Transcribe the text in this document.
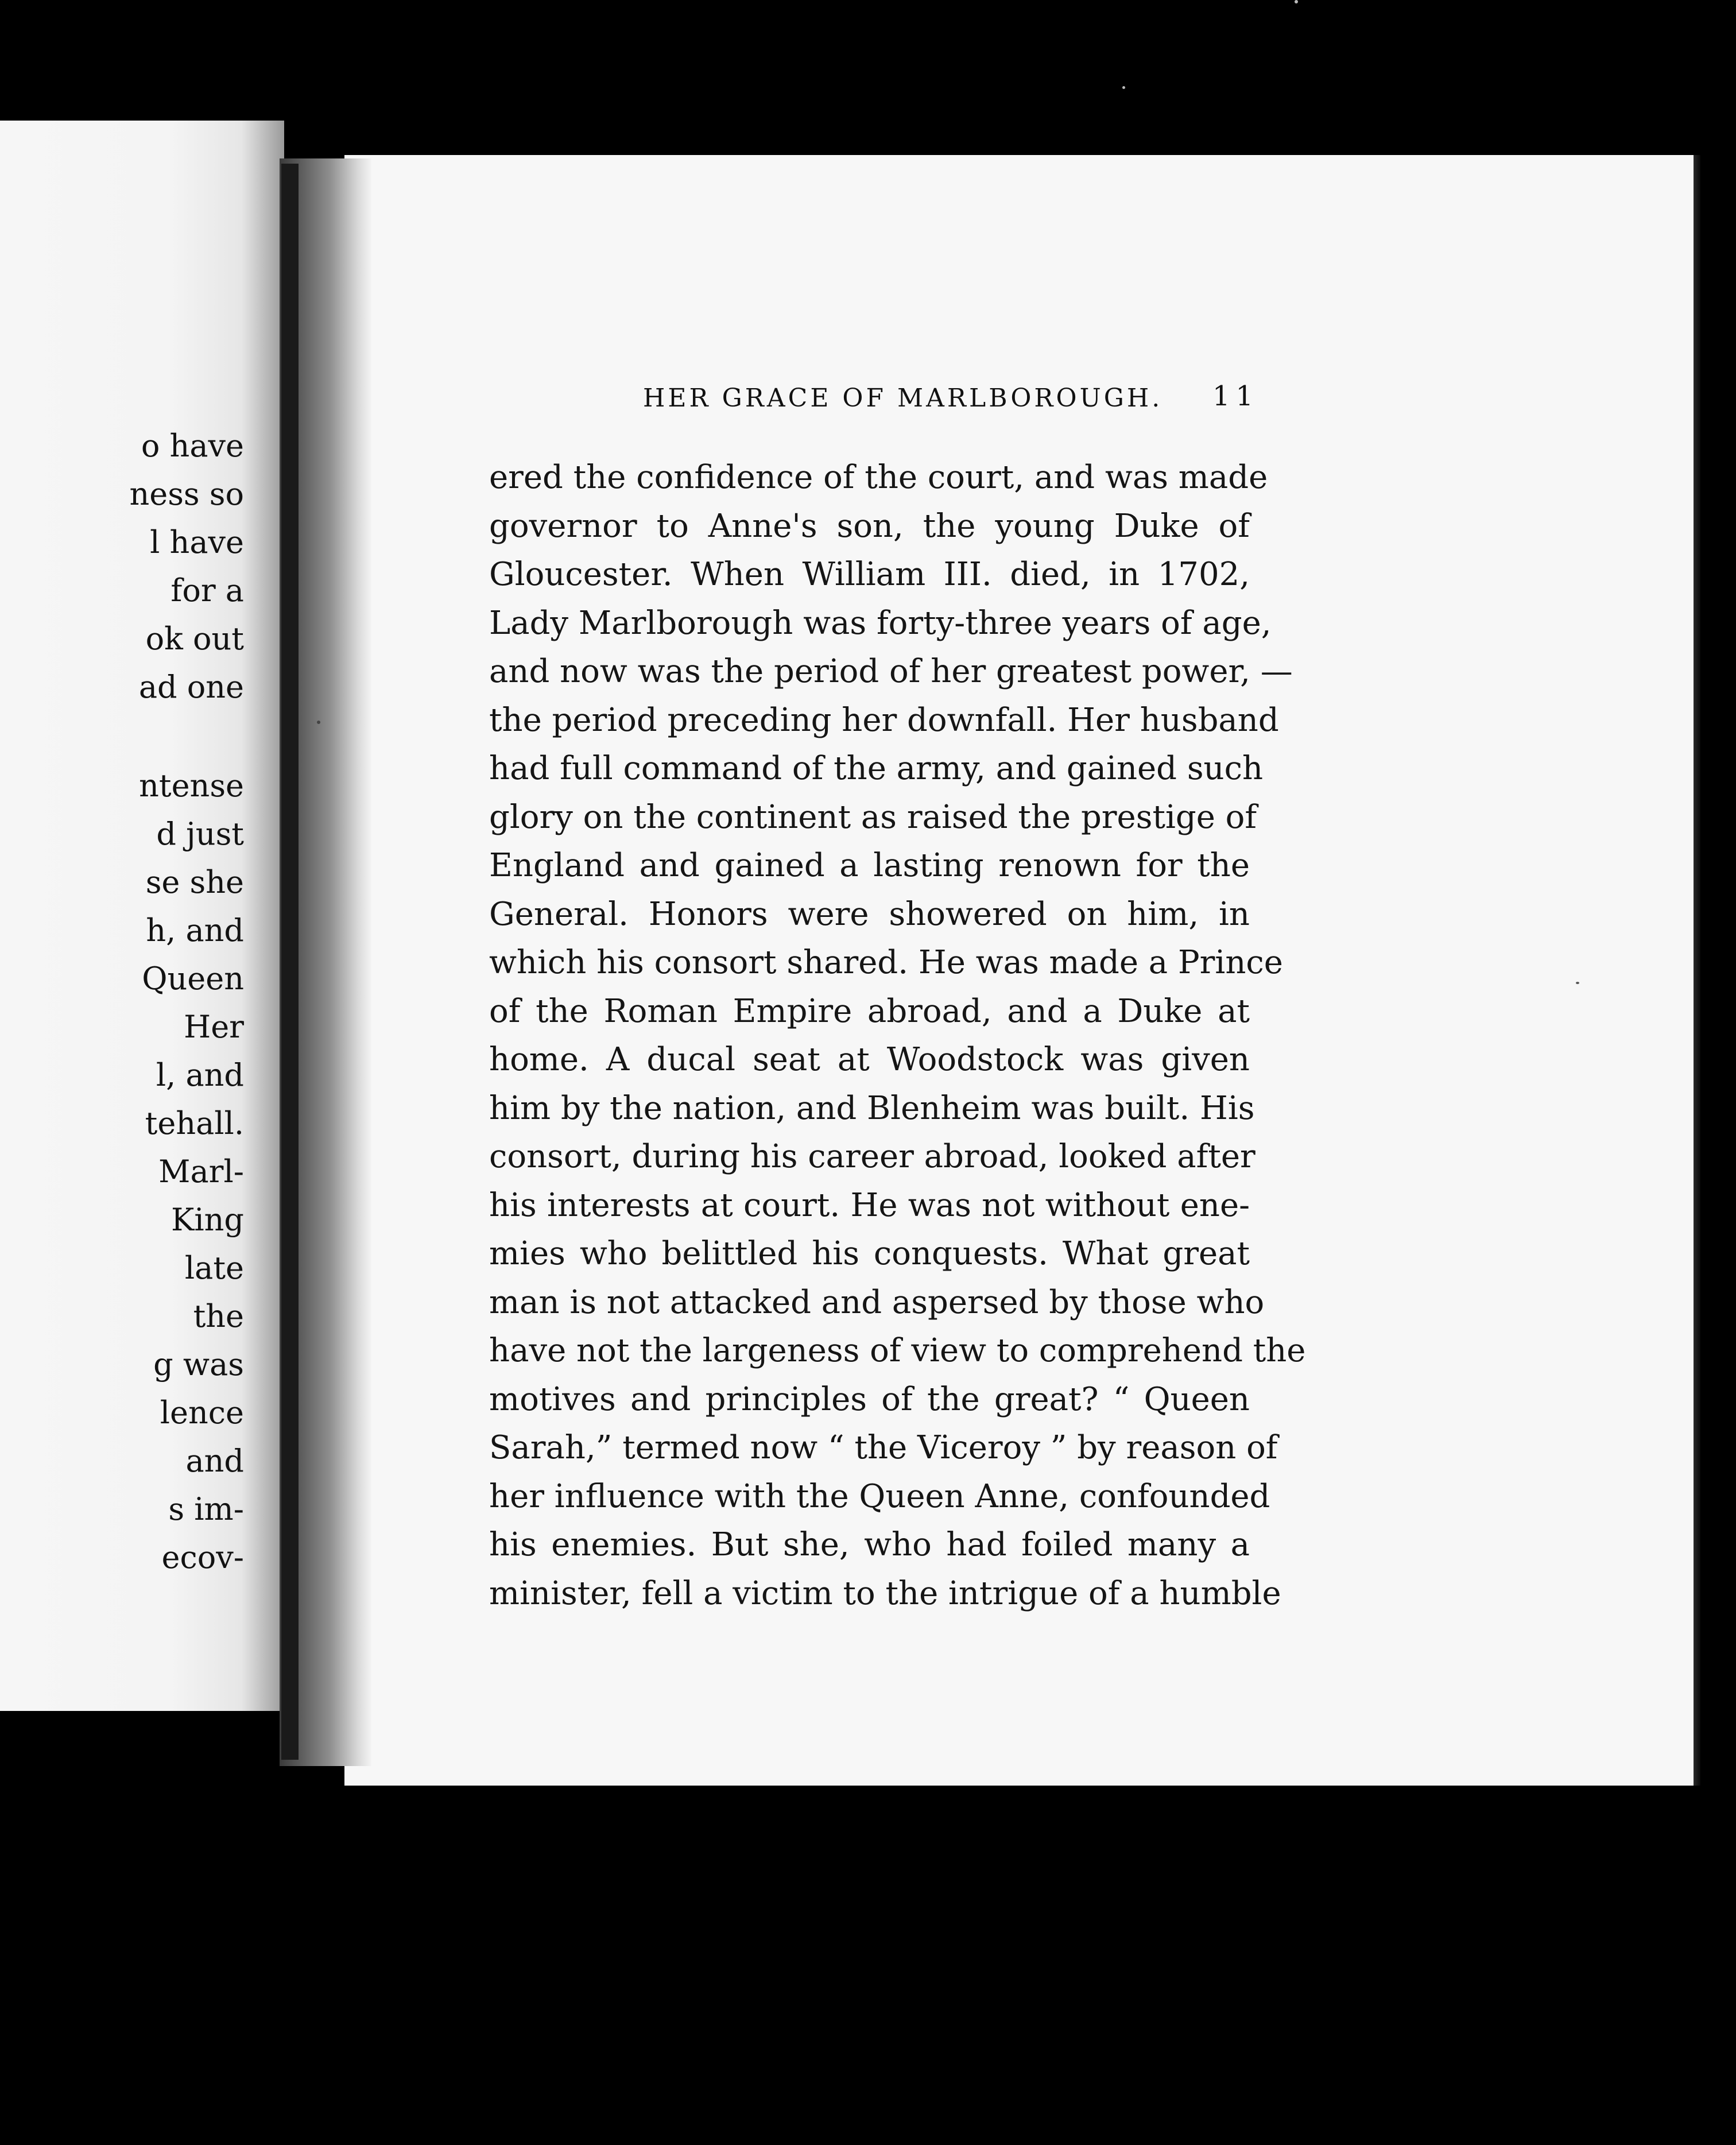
o have
ness so
l have
for a
ok out
ad one
ntense
d just
se she
h, and
Queen
Her
l, and
tehall.
Marl-
King
late
the
g was
lence
and
s im-
ecov-
HER GRACE OF MARLBOROUGH. 11
ered the confidence of the court, and was made
governor to Anne's son, the young Duke of
Gloucester. When William III. died, in 1702,
Lady Marlborough was forty-three years of age,
and now was the period of her greatest power, —
the period preceding her downfall. Her husband
had full command of the army, and gained such
glory on the continent as raised the prestige of
England and gained a lasting renown for the
General. Honors were showered on him, in
which his consort shared. He was made a Prince
of the Roman Empire abroad, and a Duke at
home. A ducal seat at Woodstock was given
him by the nation, and Blenheim was built. His
consort, during his career abroad, looked after
his interests at court. He was not without ene-
mies who belittled his conquests. What great
man is not attacked and aspersed by those who
have not the largeness of view to comprehend the
motives and principles of the great? “ Queen
Sarah,” termed now “ the Viceroy ” by reason of
her influence with the Queen Anne, confounded
his enemies. But she, who had foiled many a
minister, fell a victim to the intrigue of a humble
